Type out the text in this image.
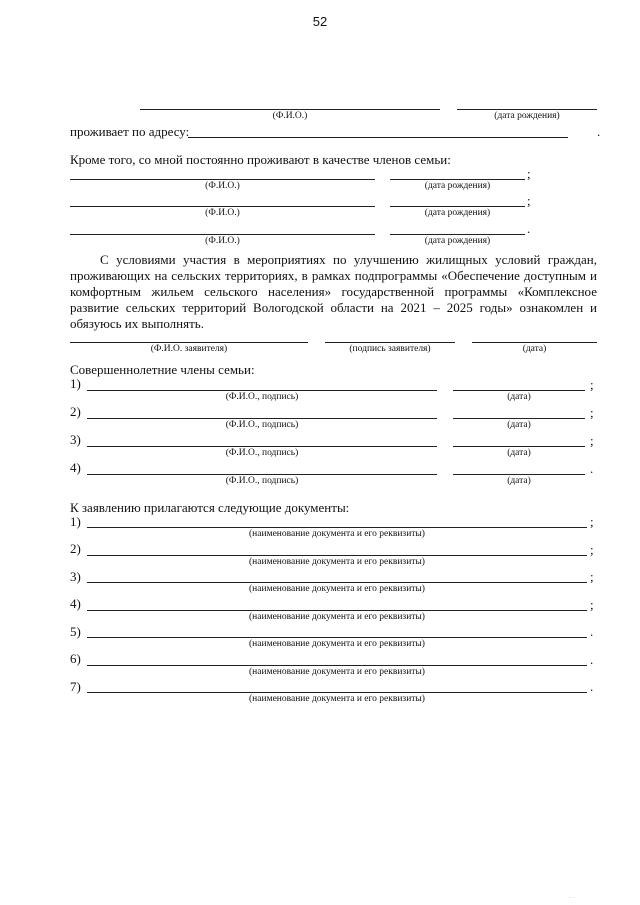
52
(Ф.И.О.)	(дата рождения)
проживает по адресу:	.
Кроме того, со мной постоянно проживают в качестве членов семьи:
;
(Ф.И.О.)	(дата рождения)
;
(Ф.И.О.)	(дата рождения)
.
(Ф.И.О.)	(дата рождения)
С условиями участия в мероприятиях по улучшению жилищных условий граждан, проживающих на сельских территориях, в рамках подпрограммы «Обеспечение доступным и комфортным жильем сельского населения» государственной программы «Комплексное развитие сельских территорий Вологодской области на 2021 – 2025 годы» ознакомлен и обязуюсь их выполнять.
(Ф.И.О. заявителя)	(подпись заявителя)	(дата)
Совершеннолетние члены семьи:
1)	;
(Ф.И.О., подпись)	(дата)
2)	;
(Ф.И.О., подпись)	(дата)
3)	;
(Ф.И.О., подпись)	(дата)
4)	.
(Ф.И.О., подпись)	(дата)
К заявлению прилагаются следующие документы:
1)	;
(наименование документа и его реквизиты)
2)	;
(наименование документа и его реквизиты)
3)	;
(наименование документа и его реквизиты)
4)	;
(наименование документа и его реквизиты)
5)	.
(наименование документа и его реквизиты)
6)	.
(наименование документа и его реквизиты)
7)	.
(наименование документа и его реквизиты)
·· ·
